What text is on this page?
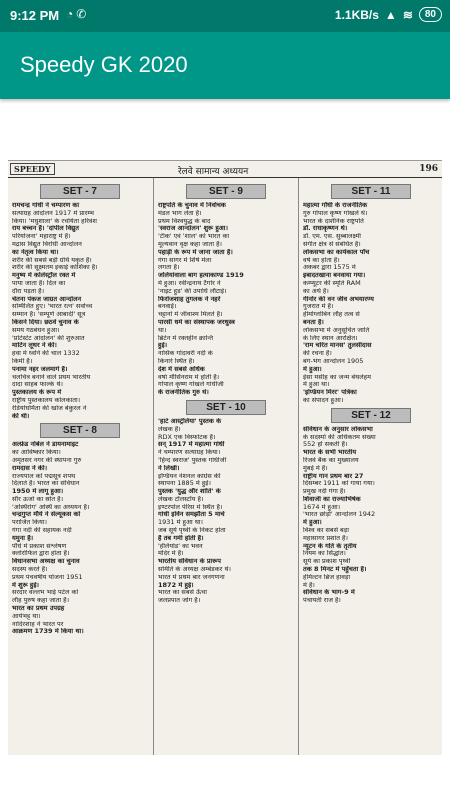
9:12 PM ◔✆	1.1KB/s ▲ ≋	80
Speedy GK 2020
SPEEDY	रेलवे सामान्य अध्ययन	196
SET - 7
रामचन्द्र गांधी ने चम्पारण का
सत्याग्रह आंदोलन 1917 में प्रारम्भ
किया। 'मधुशाला' के रचयिता हरिवंश
राय बच्चन हैं। 'दांपील विद्युत
परियोजना' महाराष्ट्र में है।
मद्रास विद्युत विरोधी आन्दोलन
का नेतृत्व किया था।
शरीर की सबसे बड़ी ग्रंथि यकृत है।
शरीर की सूक्ष्मतम इकाई कोशिका है।
मनुष्य में कोलेस्ट्रॉल रक्त में
पाया जाता है। दिल का
दौरा पड़ता है।
चेतना पंकज जाग्रत आन्दोलन
सम्मिलित हुए। 'भारत रत्न' सर्वोच्च
सम्मान है। 'सम्पूर्ण आबादी' सूत्र
किसने दिया। छठवें चुनाव के
समय गठबंधन हुआ।
'प्रोटेस्टेंट आंदोलन' की शुरुआत
मार्टिन लूथर ने की।
हवा में ध्वनि की चाल 1332
किमी है।
पनामा नहर जलमार्ग है।
चलचित्र बनाने वाले प्रथम भारतीय
दादा साहब फाल्के थे।
पुस्तकालय के रूप में
राष्ट्रीय पुस्तकालय कोलकाता।
रेडियोधर्मिता की खोज बेकुरल ने
की थी।
SET - 8
अल्फ्रेड नोबेल ने डायनामाइट
का आविष्कार किया।
अमृतसर नगर की स्थापना गुरु
रामदास ने की।
राज्यपाल को पद्मसूत्र शपथ
दिलाते हैं। भारत का संविधान
1950 में लागू हुआ।
सौर ऊर्जा का स्रोत है।
'अस्थिरोग' अस्थि का अध्ययन है।
चन्द्रगुप्त मौर्य ने सेल्यूकस को
पराजित किया।
गंगा नदी की सहायक नदी
यमुना है।
पौधे में प्रकाश संश्लेषण
क्लोरोफिल द्वारा होता है।
विधानसभा अध्यक्ष का चुनाव
सदस्य करते हैं।
प्रथम पंचवर्षीय योजना 1951
में शुरू हुई।
सरदार वल्लभ भाई पटेल को
लौह पुरुष कहा जाता है।
भारत का प्रथम उपग्रह
आर्यभट्ट था।
नादिरशाह ने भारत पर
आक्रमण 1739 में किया था।
SET - 9
राष्ट्रपति के चुनाव में निर्वाचक
मंडल भाग लेता है।
प्रथम विश्वयुद्ध के बाद
'स्वराज आन्दोलन' शुरू हुआ।
'टीक' एवं 'शाल' को भारत का
मूल्यवान वृक्ष कहा जाता है।
पहाड़ी के रूप में जाना जाता है।
गंगा सागर में शिर्ष मेला
लगता है।
जलियांवाला बाग हत्याकाण्ड 1919
में हुआ। रवीन्द्रनाथ टैगोर ने
'नाइट हुड' की उपाधि लौटाई।
फिरोजशाह तुगलक ने नहरें
बनवाईं।
चट्टानों में जीवाश्म मिलते हैं।
पारसी धर्म का संस्थापक जरथुस्त्र
था।
ब्रिटेन में रक्तहीन क्रान्ति
हुई।
नासिक गोदावरी नदी के
किनारे स्थित है।
देश में सबसे अधिक
वर्षा मौसिनराम में होती है।
गोपाल कृष्ण गोखले गांधीजी
के राजनीतिक गुरु थे।
SET - 10
'हार्ट आस्ट्रेलिया' पुस्तक के
लेखक हैं।
RDX एक विस्फोटक है।
सन् 1917 में महात्मा गांधी
ने चम्पारण सत्याग्रह किया।
'हिन्द स्वराज' पुस्तक गांधीजी
ने लिखी।
इण्डियन नेशनल कांग्रेस की
स्थापना 1885 में हुई।
पुस्तक 'युद्ध और शांति' के
लेखक टॉलस्टॉय हैं।
इण्टरपोल पेरिस में स्थित है।
गांधी इर्विन समझौता 5 मार्च
1931 में हुआ था।
जब सूर्य पृथ्वी के निकट होता
है तब गर्मी होती है।
'हेलियोड' का भवन
मंदिर में है।
भारतीय संविधान के प्रारूप
समिति के अध्यक्ष अम्बेडकर थे।
भारत में प्रथम बार जनगणना
1872 में हुई।
भारत का सबसे ऊँचा
जलप्रपात जोग है।
SET - 11
महात्मा गाँधी के राजनीतिक
गुरु गोपाल कृष्ण गोखले थे।
भारत के दार्शनिक राष्ट्रपति
डॉ. राधाकृष्णन थे।
डॉ. एम. एस. सुब्बालक्ष्मी
संगीत क्षेत्र से संबंधित हैं।
लोकसभा का कार्यकाल पाँच
वर्ष का होता है।
अकबर द्वारा 1575 में
इबादतखाना बनवाया गया।
कम्प्यूटर की स्मृति RAM
का अर्थ है।
गीर्नार की वन जीव अभयारण्य
गुजरात में है।
हीमोग्लोबिन लौह तत्व से
बनता है।
लोकसभा में अनुसूचित जाति
के लिए स्थान आरक्षित।
'राम चरित मानस' तुलसीदास
की रचना है।
बंग-भंग आन्दोलन 1905
में हुआ।
ईसा मसीह का जन्म बेथलेहम
में हुआ था।
'इण्डियन मिरर' पत्रिका
का संपादन हुआ।
SET - 12
संविधान के अनुसार लोकसभा
के सदस्यों की अधिकतम संख्या
552 हो सकती है।
भारत के सभी भारतीय
रिजर्व बैंक का मुख्यालय
मुंबई में है।
राष्ट्रीय गान प्रथम बार 27
दिसम्बर 1911 को गाया गया।
प्रमुख नदी गंगा है।
शिवाजी का राज्याभिषेक
1674 में हुआ।
'भारत छोड़ो' आन्दोलन 1942
में हुआ।
विश्व का सबसे बड़ा
महासागर प्रशांत है।
न्यूटन के गति के तृतीय
नियम का सिद्धांत।
सूर्य का प्रकाश पृथ्वी
तक 8 मिनट में पहुँचता है।
हेमिल्टन ब्रिज हावड़ा
में है।
संविधान के भाग-9 में
पंचायती राज है।
